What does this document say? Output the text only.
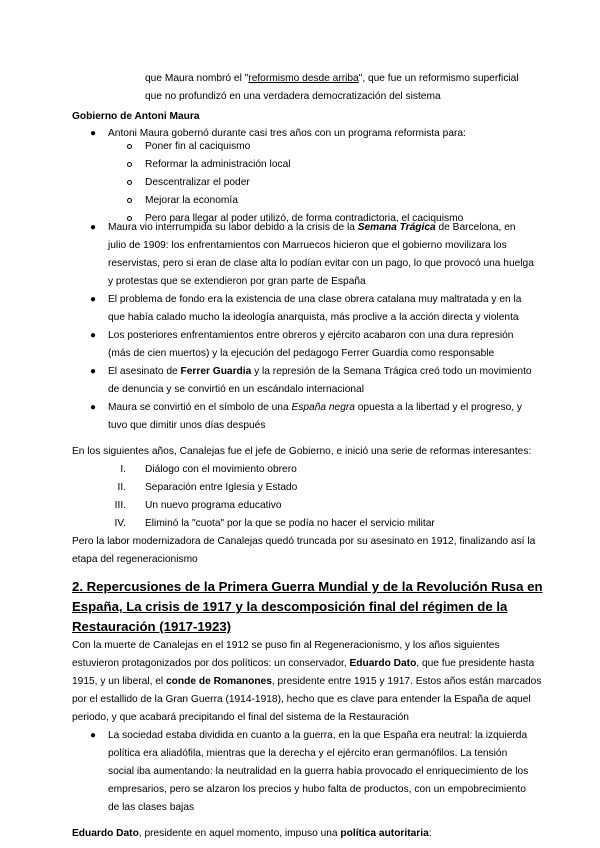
que Maura nombró el "reformismo desde arriba", que fue un reformismo superficial
que no profundizó en una verdadera democratización del sistema
Gobierno de Antoni Maura
● Antoni Maura gobernó durante casi tres años con un programa reformista para:
Poner fin al caciquismo
Reformar la administración local
Descentralizar el poder
Mejorar la economía
Pero para llegar al poder utilizó, de forma contradictoria, el caciquismo
● Maura vio interrumpida su labor debido a la crisis de la Semana Trágica de Barcelona, en
julio de 1909: los enfrentamientos con Marruecos hicieron que el gobierno movilizara los
reservistas, pero si eran de clase alta lo podían evitar con un pago, lo que provocó una huelga
y protestas que se extendieron por gran parte de España
● El problema de fondo era la existencia de una clase obrera catalana muy maltratada y en la
que había calado mucho la ideología anarquista, más proclive a la acción directa y violenta
● Los posteriores enfrentamientos entre obreros y ejército acabaron con una dura represión
(más de cien muertos) y la ejecución del pedagogo Ferrer Guardia como responsable
● El asesinato de Ferrer Guardia y la represión de la Semana Trágica creó todo un movimiento
de denuncia y se convirtió en un escándalo internacional
● Maura se convirtió en el símbolo de una España negra opuesta a la libertad y el progreso, y
tuvo que dimitir unos días después
En los siguientes años, Canalejas fue el jefe de Gobierno, e inició una serie de reformas interesantes:
I. Diálogo con el movimiento obrero
II. Separación entre Iglesia y Estado
III. Un nuevo programa educativo
IV. Eliminó la "cuota" por la que se podía no hacer el servicio militar
Pero la labor modernizadora de Canalejas quedó truncada por su asesinato en 1912, finalizando así la
etapa del regeneracionismo
2. Repercusiones de la Primera Guerra Mundial y de la Revolución Rusa en
España, La crisis de 1917 y la descomposición final del régimen de la
Restauración (1917-1923)
Con la muerte de Canalejas en el 1912 se puso fin al Regeneracionismo, y los años siguientes
estuvieron protagonizados por dos políticos: un conservador, Eduardo Dato, que fue presidente hasta
1915, y un liberal, el conde de Romanones, presidente entre 1915 y 1917. Estos años están marcados
por el estallido de la Gran Guerra (1914-1918), hecho que es clave para entender la España de aquel
periodo, y que acabará precipitando el final del sistema de la Restauración
● La sociedad estaba dividida en cuanto a la guerra, en la que España era neutral: la izquierda
política era aliadófila, mientras que la derecha y el ejército eran germanófilos. La tensión
social iba aumentando: la neutralidad en la guerra había provocado el enriquecimiento de los
empresarios, pero se alzaron los precios y hubo falta de productos, con un empobrecimiento
de las clases bajas
Eduardo Dato, presidente en aquel momento, impuso una política autoritaria:
